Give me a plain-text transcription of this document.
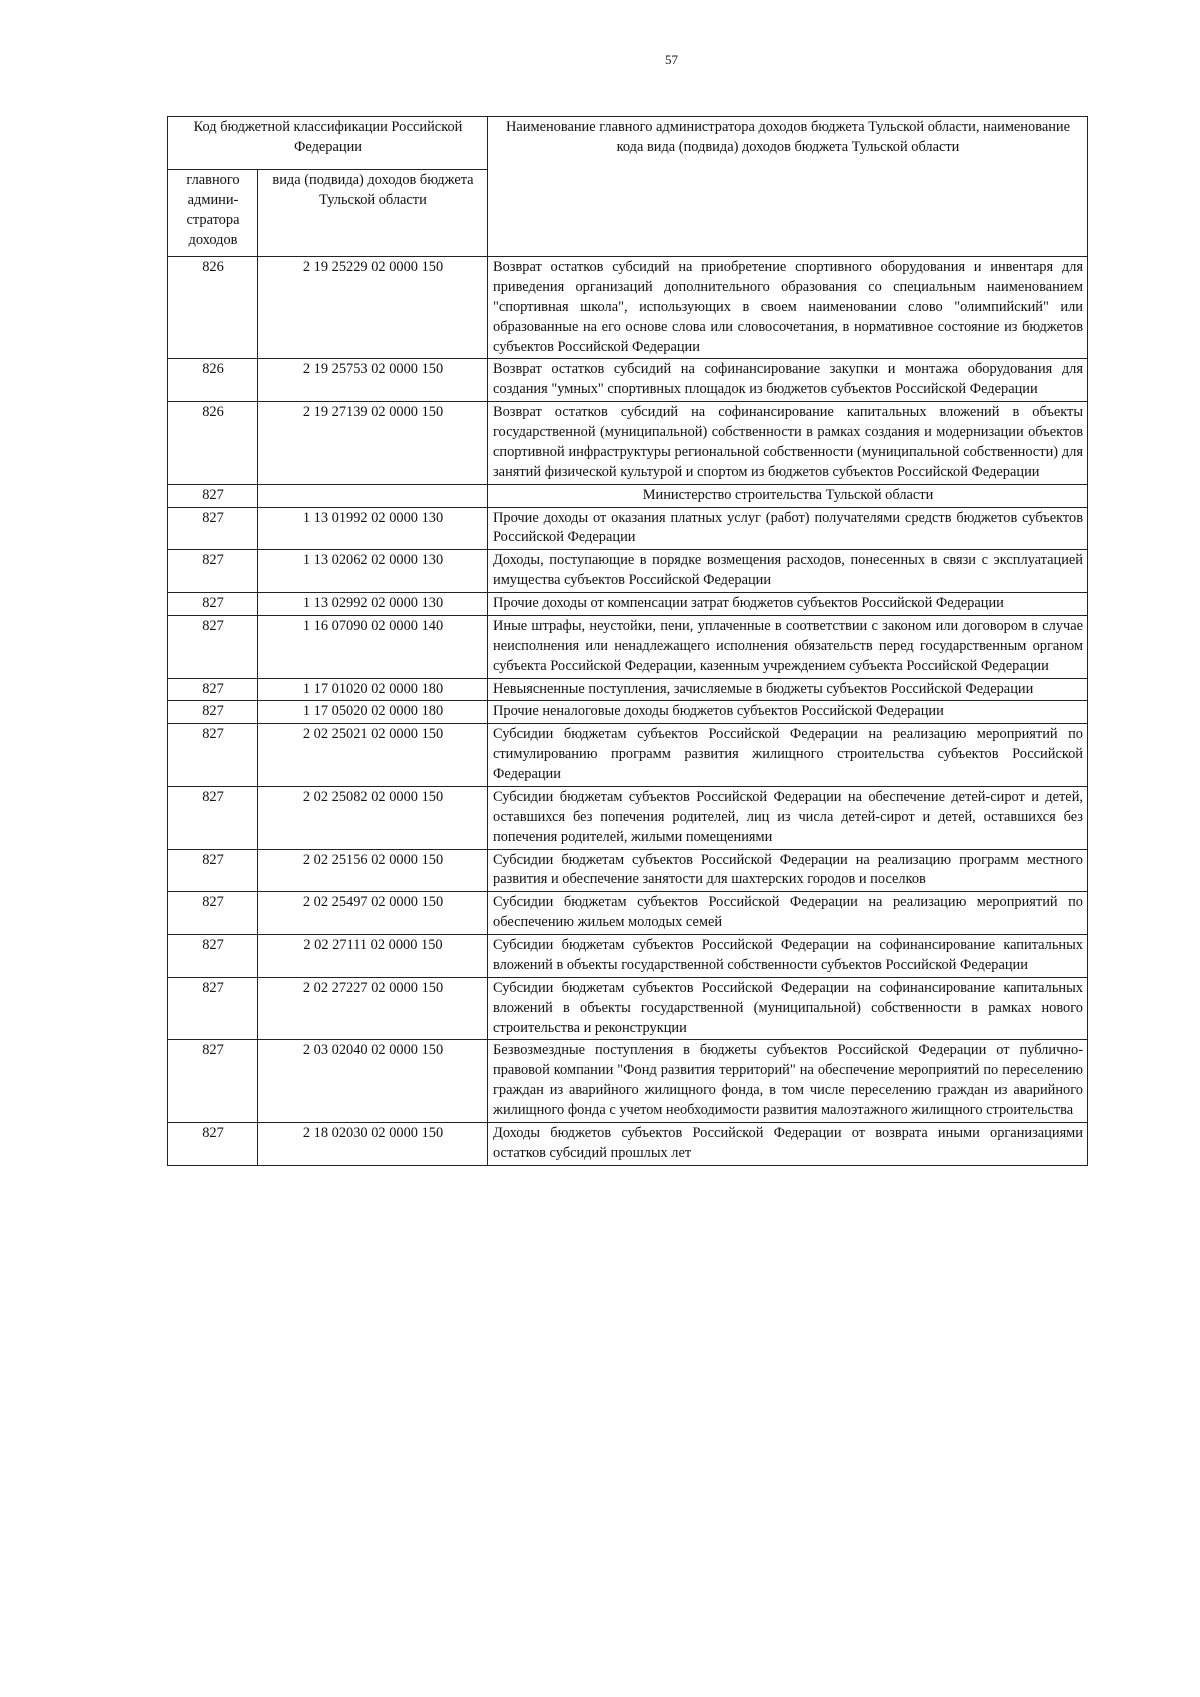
57
Код бюджетной классификации Российской Федерации		Наименование главного администратора доходов бюджета Тульской области, наименование кода вида (подвида) доходов бюджета Тульской области
главного админи- стратора доходов	вида (подвида) доходов бюджета Тульской области	
826	2 19 25229 02 0000 150	Возврат остатков субсидий на приобретение спортивного оборудования и инвентаря для приведения организаций дополнительного образования со специальным наименованием "спортивная школа", использующих в своем наименовании слово "олимпийский" или образованные на его основе слова или словосочетания, в нормативное состояние из бюджетов субъектов Российской Федерации
826	2 19 25753 02 0000 150	Возврат остатков субсидий на софинансирование закупки и монтажа оборудования для создания "умных" спортивных площадок из бюджетов субъектов Российской Федерации
826	2 19 27139 02 0000 150	Возврат остатков субсидий на софинансирование капитальных вложений в объекты государственной (муниципальной) собственности в рамках создания и модернизации объектов спортивной инфраструктуры региональной собственности (муниципальной собственности) для занятий физической культурой и спортом из бюджетов субъектов Российской Федерации
827		Министерство строительства Тульской области
827	1 13 01992 02 0000 130	Прочие доходы от оказания платных услуг (работ) получателями средств бюджетов субъектов Российской Федерации
827	1 13 02062 02 0000 130	Доходы, поступающие в порядке возмещения расходов, понесенных в связи с эксплуатацией имущества субъектов Российской Федерации
827	1 13 02992 02 0000 130	Прочие доходы от компенсации затрат бюджетов субъектов Российской Федерации
827	1 16 07090 02 0000 140	Иные штрафы, неустойки, пени, уплаченные в соответствии с законом или договором в случае неисполнения или ненадлежащего исполнения обязательств перед государственным органом субъекта Российской Федерации, казенным учреждением субъекта Российской Федерации
827	1 17 01020 02 0000 180	Невыясненные поступления, зачисляемые в бюджеты субъектов Российской Федерации
827	1 17 05020 02 0000 180	Прочие неналоговые доходы бюджетов субъектов Российской Федерации
827	2 02 25021 02 0000 150	Субсидии бюджетам субъектов Российской Федерации на реализацию мероприятий по стимулированию программ развития жилищного строительства субъектов Российской Федерации
827	2 02 25082 02 0000 150	Субсидии бюджетам субъектов Российской Федерации на обеспечение детей-сирот и детей, оставшихся без попечения родителей, лиц из числа детей-сирот и детей, оставшихся без попечения родителей, жилыми помещениями
827	2 02 25156 02 0000 150	Субсидии бюджетам субъектов Российской Федерации на реализацию программ местного развития и обеспечение занятости для шахтерских городов и поселков
827	2 02 25497 02 0000 150	Субсидии бюджетам субъектов Российской Федерации на реализацию мероприятий по обеспечению жильем молодых семей
827	2 02 27111 02 0000 150	Субсидии бюджетам субъектов Российской Федерации на софинансирование капитальных вложений в объекты государственной собственности субъектов Российской Федерации
827	2 02 27227 02 0000 150	Субсидии бюджетам субъектов Российской Федерации на софинансирование капитальных вложений в объекты государственной (муниципальной) собственности в рамках нового строительства и реконструкции
827	2 03 02040 02 0000 150	Безвозмездные поступления в бюджеты субъектов Российской Федерации от публично-правовой компании "Фонд развития территорий" на обеспечение мероприятий по переселению граждан из аварийного жилищного фонда, в том числе переселению граждан из аварийного жилищного фонда с учетом необходимости развития малоэтажного жилищного строительства
827	2 18 02030 02 0000 150	Доходы бюджетов субъектов Российской Федерации от возврата иными организациями остатков субсидий прошлых лет
